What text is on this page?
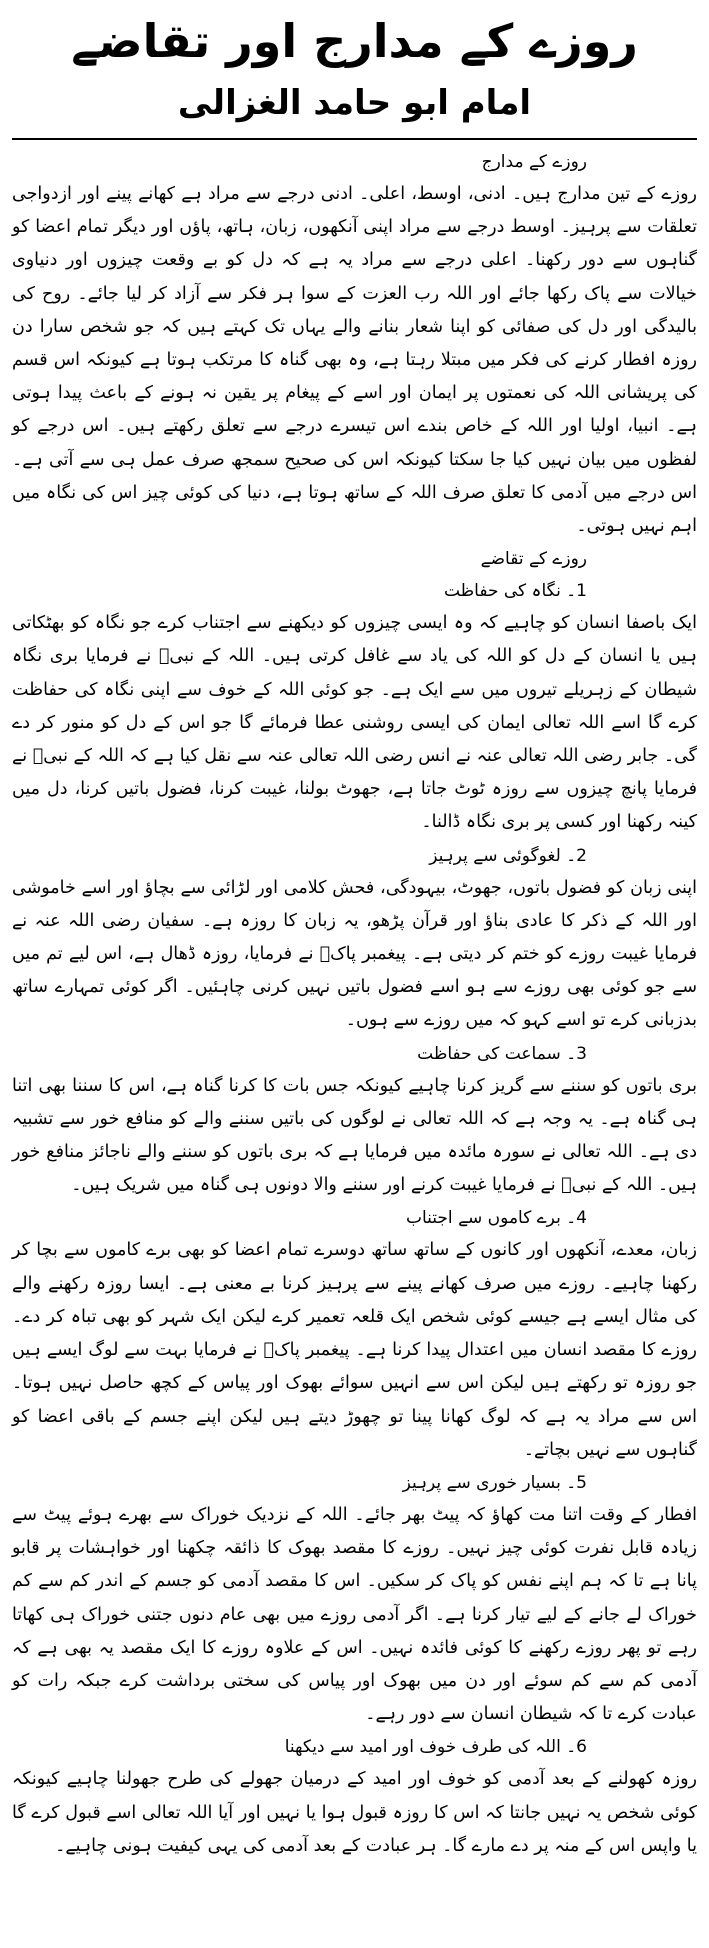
روزے کے مدارج اور تقاضے
امام ابو حامد الغزالی
روزے کے مدارج

روزے کے تین مدارج ہیں۔ ادنی، اوسط، اعلی۔ ادنی درجے سے مراد ہے کھانے پینے اور ازدواجی تعلقات سے پرہیز۔ اوسط درجے سے مراد اپنی آنکھوں، زبان، ہاتھ، پاؤں اور دیگر تمام اعضا کو گناہوں سے دور رکھنا۔ اعلی درجے سے مراد یہ ہے کہ دل کو بے وقعت چیزوں اور دنیاوی خیالات سے پاک رکھا جائے اور اللہ رب العزت کے سوا ہر فکر سے آزاد کر لیا جائے۔ روح کی بالیدگی اور دل کی صفائی کو اپنا شعار بنانے والے یہاں تک کہتے ہیں کہ جو شخص سارا دن روزہ افطار کرنے کی فکر میں مبتلا رہتا ہے، وہ بھی گناہ کا مرتکب ہوتا ہے کیونکہ اس قسم کی پریشانی اللہ کی نعمتوں پر ایمان اور اسے کے پیغام پر یقین نہ ہونے کے باعث پیدا ہوتی ہے۔ انبیا، اولیا اور اللہ کے خاص بندے اس تیسرے درجے سے تعلق رکھتے ہیں۔ اس درجے کو لفظوں میں بیان نہیں کیا جا سکتا کیونکہ اس کی صحیح سمجھ صرف عمل ہی سے آتی ہے۔ اس درجے میں آدمی کا تعلق صرف اللہ کے ساتھ ہوتا ہے، دنیا کی کوئی چیز اس کی نگاہ میں اہم نہیں ہوتی۔

روزے کے تقاضے
1۔ نگاہ کی حفاظت

ایک باصفا انسان کو چاہیے کہ وہ ایسی چیزوں کو دیکھنے سے اجتناب کرے جو نگاہ کو بھٹکاتی ہیں یا انسان کے دل کو اللہ کی یاد سے غافل کرتی ہیں۔ اللہ کے نبیؐ نے فرمایا بری نگاہ شیطان کے زہریلے تیروں میں سے ایک ہے۔ جو کوئی اللہ کے خوف سے اپنی نگاہ کی حفاظت کرے گا اسے اللہ تعالی ایمان کی ایسی روشنی عطا فرمائے گا جو اس کے دل کو منور کر دے گی۔ جابر رضی اللہ تعالی عنہ نے انس رضی اللہ تعالی عنہ سے نقل کیا ہے کہ اللہ کے نبیؐ نے فرمایا پانچ چیزوں سے روزہ ٹوٹ جاتا ہے، جھوٹ بولنا، غیبت کرنا، فضول باتیں کرنا، دل میں کینہ رکھنا اور کسی پر بری نگاہ ڈالنا۔

2۔ لغوگوئی سے پرہیز

اپنی زبان کو فضول باتوں، جھوٹ، بیہودگی، فحش کلامی اور لڑائی سے بچاؤ اور اسے خاموشی اور اللہ کے ذکر کا عادی بناؤ اور قرآن پڑھو، یہ زبان کا روزہ ہے۔ سفیان رضی اللہ عنہ نے فرمایا غیبت روزے کو ختم کر دیتی ہے۔ پیغمبر پاکؐ نے فرمایا، روزہ ڈھال ہے، اس لیے تم میں سے جو کوئی بھی روزے سے ہو اسے فضول باتیں نہیں کرنی چاہئیں۔ اگر کوئی تمہارے ساتھ بدزبانی کرے تو اسے کہو کہ میں روزے سے ہوں۔

3۔ سماعت کی حفاظت

بری باتوں کو سننے سے گریز کرنا چاہیے کیونکہ جس بات کا کرنا گناہ ہے، اس کا سننا بھی اتنا ہی گناہ ہے۔ یہ وجہ ہے کہ اللہ تعالی نے لوگوں کی باتیں سننے والے کو منافع خور سے تشبیہ دی ہے۔ اللہ تعالی نے سورہ مائدہ میں فرمایا ہے کہ بری باتوں کو سننے والے ناجائز منافع خور ہیں۔ اللہ کے نبیؐ نے فرمایا غیبت کرنے اور سننے والا دونوں ہی گناہ میں شریک ہیں۔

4۔ برے کاموں سے اجتناب

زبان، معدے، آنکھوں اور کانوں کے ساتھ ساتھ دوسرے تمام اعضا کو بھی برے کاموں سے بچا کر رکھنا چاہیے۔ روزے میں صرف کھانے پینے سے پرہیز کرنا بے معنی ہے۔ ایسا روزہ رکھنے والے کی مثال ایسے ہے جیسے کوئی شخص ایک قلعہ تعمیر کرے لیکن ایک شہر کو بھی تباہ کر دے۔ روزے کا مقصد انسان میں اعتدال پیدا کرنا ہے۔ پیغمبر پاکؐ نے فرمایا بہت سے لوگ ایسے ہیں جو روزہ تو رکھتے ہیں لیکن اس سے انہیں سوائے بھوک اور پیاس کے کچھ حاصل نہیں ہوتا۔ اس سے مراد یہ ہے کہ لوگ کھانا پینا تو چھوڑ دیتے ہیں لیکن اپنے جسم کے باقی اعضا کو گناہوں سے نہیں بچاتے۔

5۔ بسیار خوری سے پرہیز

افطار کے وقت اتنا مت کھاؤ کہ پیٹ بھر جائے۔ اللہ کے نزدیک خوراک سے بھرے ہوئے پیٹ سے زیادہ قابل نفرت کوئی چیز نہیں۔ روزے کا مقصد بھوک کا ذائقہ چکھنا اور خواہشات پر قابو پانا ہے تا کہ ہم اپنے نفس کو پاک کر سکیں۔ اس کا مقصد آدمی کو جسم کے اندر کم سے کم خوراک لے جانے کے لیے تیار کرنا ہے۔ اگر آدمی روزے میں بھی عام دنوں جتنی خوراک ہی کھاتا رہے تو پھر روزے رکھنے کا کوئی فائدہ نہیں۔ اس کے علاوہ روزے کا ایک مقصد یہ بھی ہے کہ آدمی کم سے کم سوئے اور دن میں بھوک اور پیاس کی سختی برداشت کرے جبکہ رات کو عبادت کرے تا کہ شیطان انسان سے دور رہے۔

6۔ اللہ کی طرف خوف اور امید سے دیکھنا

روزہ کھولنے کے بعد آدمی کو خوف اور امید کے درمیان جھولے کی طرح جھولنا چاہیے کیونکہ کوئی شخص یہ نہیں جانتا کہ اس کا روزہ قبول ہوا یا نہیں اور آیا اللہ تعالی اسے قبول کرے گا یا واپس اس کے منہ پر دے مارے گا۔ ہر عبادت کے بعد آدمی کی یہی کیفیت ہونی چاہیے۔
